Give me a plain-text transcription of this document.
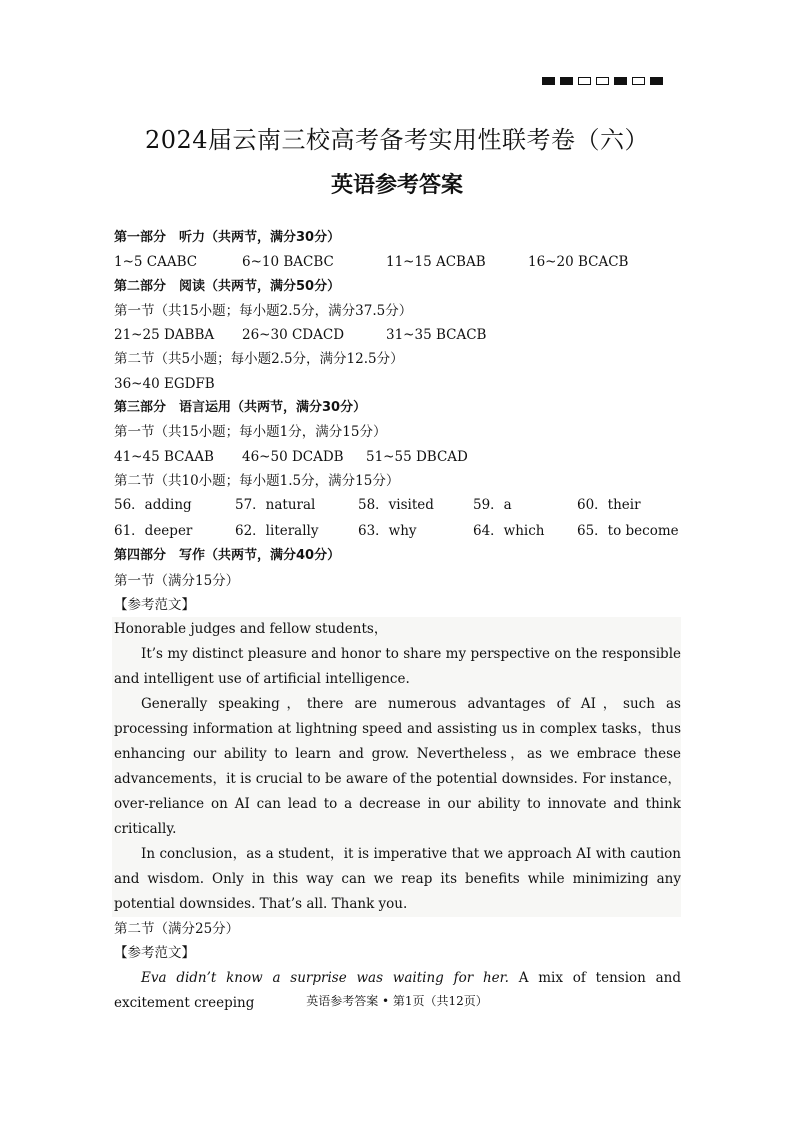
2024届云南三校高考备考实用性联考卷（六）
英语参考答案
第一部分　听力（共两节，满分30分）
1~5 CAABC	6~10 BACBC	11~15 ACBAB	16~20 BCACB
第二部分　阅读（共两节，满分50分）
第一节（共15小题；每小题2.5分，满分37.5分）
21~25 DABBA 26~30 CDACD	31~35 BCACB
第二节（共5小题；每小题2.5分，满分12.5分）
36~40 EGDFB
第三部分　语言运用（共两节，满分30分）
第一节（共15小题；每小题1分，满分15分）
41~45 BCAAB 46~50 DCADB 51~55 DBCAD
第二节（共10小题；每小题1.5分，满分15分）
56．adding	57．natural	58．visited	59．a	60．their
61．deeper	62．literally	63．why	64．which 65．to become
第四部分　写作（共两节，满分40分）
第一节（满分15分）
【参考范文】
Honorable judges and fellow students，
It’s my distinct pleasure and honor to share my perspective on the responsible and intelligent use of artificial intelligence.
Generally speaking，there are numerous advantages of AI，such as processing information at lightning speed and assisting us in complex tasks，thus enhancing our ability to learn and grow. Nevertheless，as we embrace these advancements，it is crucial to be aware of the potential downsides. For instance，over-reliance on AI can lead to a decrease in our ability to innovate and think critically.
In conclusion，as a student，it is imperative that we approach AI with caution and wisdom. Only in this way can we reap its benefits while minimizing any potential downsides. That’s all. Thank you.
第二节（满分25分）
【参考范文】
Eva didn’t know a surprise was waiting for her. A mix of tension and excitement creeping	英语参考答案 • 第1页（共12页）
